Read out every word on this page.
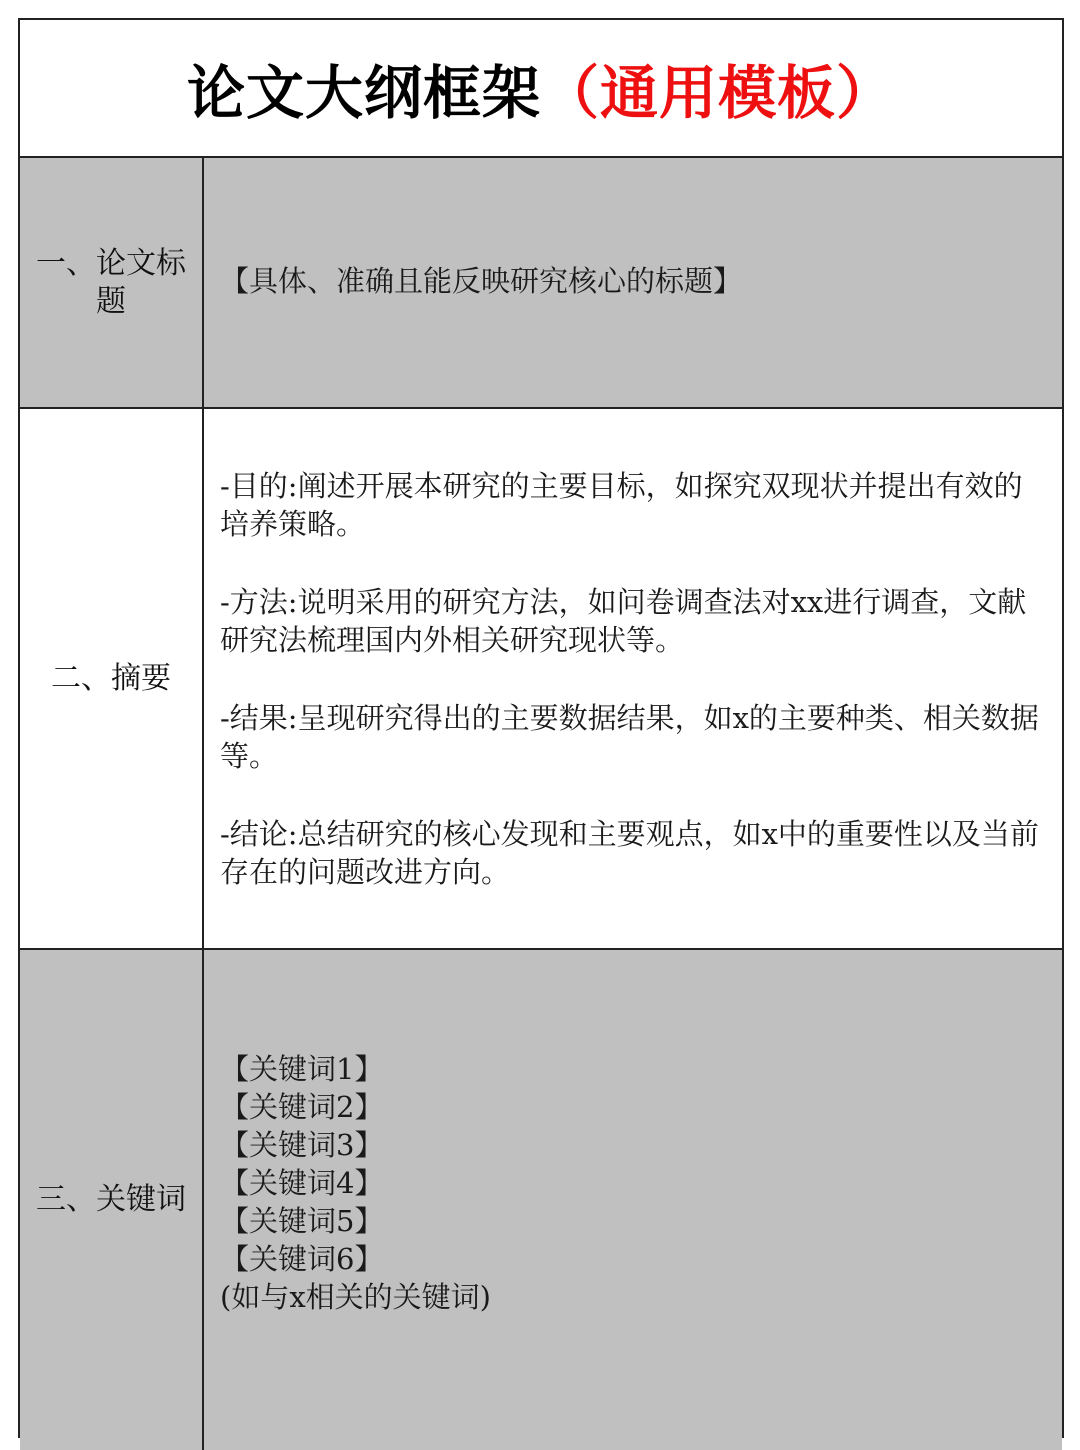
论文大纲框架（通用模板）
一、论文标题
【具体、准确且能反映研究核心的标题】
二、摘要

-目的:阐述开展本研究的主要目标，如探究双现状并提出有效的培养策略。

-方法:说明采用的研究方法，如问卷调查法对xx进行调查，文献研究法梳理国内外相关研究现状等。

-结果:呈现研究得出的主要数据结果，如x的主要种类、相关数据等。

-结论:总结研究的核心发现和主要观点，如x中的重要性以及当前存在的问题改进方向。

三、关键词
【关键词1】
【关键词2】
【关键词3】
【关键词4】
【关键词5】
【关键词6】
(如与x相关的关键词)
